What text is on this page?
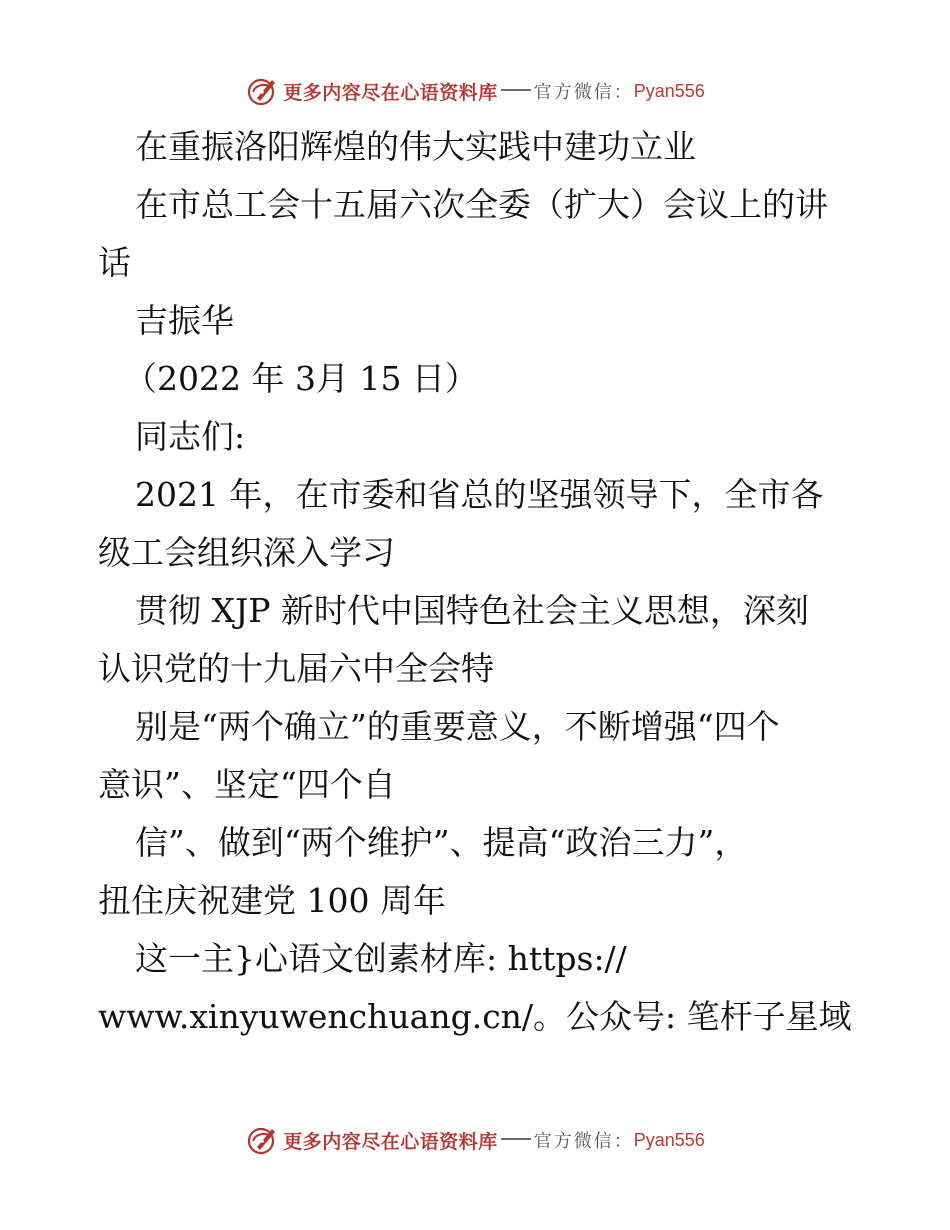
更多内容尽在心语资料库 官方微信： Pyan556

在重振洛阳辉煌的伟大实践中建功立业

在市总工会十五届六次全委（扩大）会议上的讲

话

吉振华

（2022 年 3月 15 日）

同志们:

2021 年，在市委和省总的坚强领导下，全市各

级工会组织深入学习

贯彻 XJP 新时代中国特色社会主义思想，深刻

认识党的十九届六中全会特

别是“两个确立”的重要意义，不断增强“四个

意识”、坚定“四个自

信”、做到“两个维护”、提高“政治三力”，

扭住庆祝建党 100 周年

这一主}心语文创素材库: https://

www.xinyuwenchuang.cn/。公众号: 笔杆子星域

更多内容尽在心语资料库 官方微信： Pyan556
